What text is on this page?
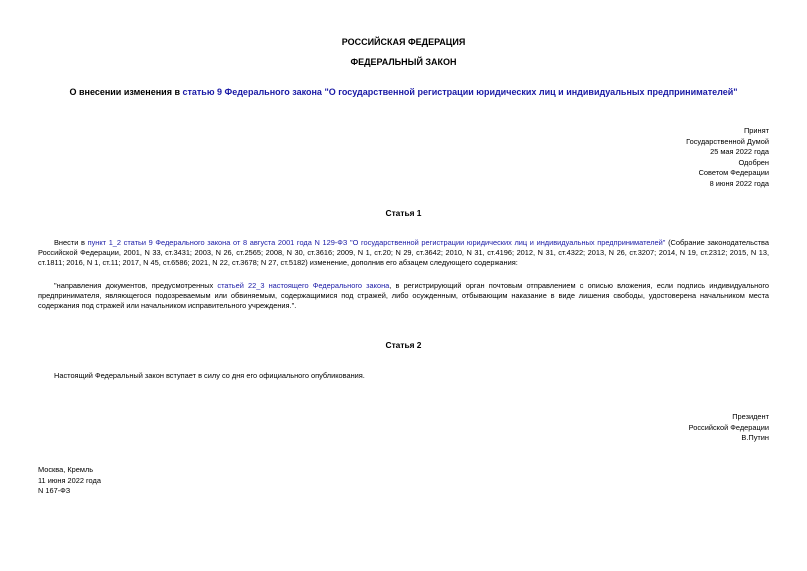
РОССИЙСКАЯ ФЕДЕРАЦИЯ
ФЕДЕРАЛЬНЫЙ ЗАКОН
О внесении изменения в статью 9 Федерального закона "О государственной регистрации юридических лиц и индивидуальных предпринимателей"
Принят
Государственной Думой
25 мая 2022 года
Одобрен
Советом Федерации
8 июня 2022 года
Статья 1
Внести в пункт 1_2 статьи 9 Федерального закона от 8 августа 2001 года N 129-ФЗ "О государственной регистрации юридических лиц и индивидуальных предпринимателей" (Собрание законодательства Российской Федерации, 2001, N 33, ст.3431; 2003, N 26, ст.2565; 2008, N 30, ст.3616; 2009, N 1, ст.20; N 29, ст.3642; 2010, N 31, ст.4196; 2012, N 31, ст.4322; 2013, N 26, ст.3207; 2014, N 19, ст.2312; 2015, N 13, ст.1811; 2016, N 1, ст.11; 2017, N 45, ст.6586; 2021, N 22, ст.3678; N 27, ст.5182) изменение, дополнив его абзацем следующего содержания:
"направления документов, предусмотренных статьей 22_3 настоящего Федерального закона, в регистрирующий орган почтовым отправлением с описью вложения, если подпись индивидуального предпринимателя, являющегося подозреваемым или обвиняемым, содержащимися под стражей, либо осужденным, отбывающим наказание в виде лишения свободы, удостоверена начальником места содержания под стражей или начальником исправительного учреждения.".
Статья 2
Настоящий Федеральный закон вступает в силу со дня его официального опубликования.
Президент
Российской Федерации
В.Путин
Москва, Кремль
11 июня 2022 года
N 167-ФЗ
